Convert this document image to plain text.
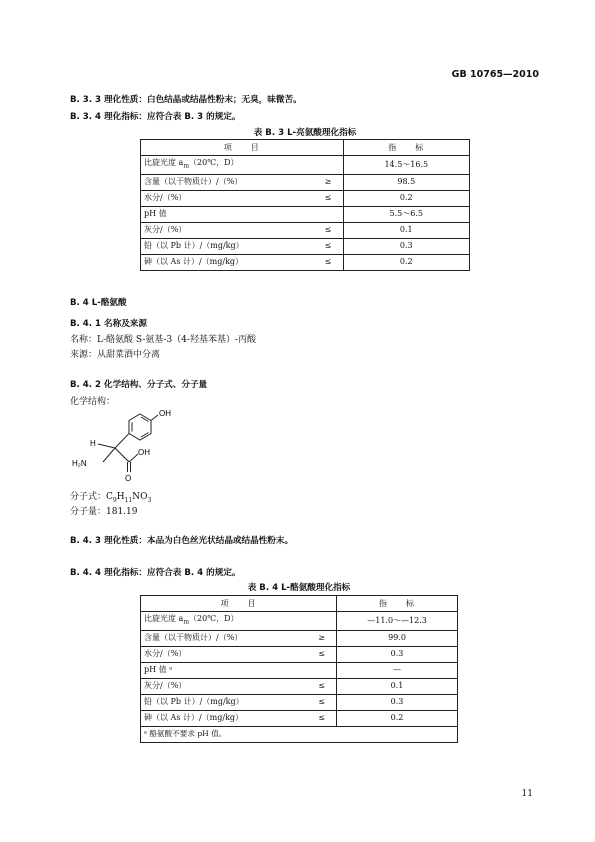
GB 10765—2010
B. 3. 3 理化性质：白色结晶或结晶性粉末；无臭，味微苦。
B. 3. 4 理化指标：应符合表 B. 3 的规定。
表 B. 3 L-亮氨酸理化指标
项　　目		指　　标
比旋光度 $a_m(20℃$，D）		14.5～16.5
含量（以干物质计）/（%）	≥	98.5
水分/（%）	≤	0.2
pH 值		5.5～6.5
灰分/（%）	≤	0.1
铅（以 Pb 计）/（mg/kg）	≤	0.3
砷（以 As 计）/（mg/kg）	≤	0.2
B. 4 L-酪氨酸
B. 4. 1 名称及来源
名称：L-酪氨酸 S-氨基-3（4-羟基苯基）-丙酸
来源：从甜菜酒中分离
B. 4. 2 化学结构、分子式、分子量
化学结构：
OH
H
H₂N
OH
O
分子式：$C_9H_{11}NO_3$
分子量：181.19
B. 4. 3 理化性质：本品为白色丝光状结晶或结晶性粉末。
B. 4. 4 理化指标：应符合表 B. 4 的规定。
表 B. 4 L-酪氨酸理化指标
项　　目		指　　标
比旋光度 $a_m(20℃$，D）		—11.0～—12.3
含量（以干物质计）/（%）	≥	99.0
水分/（%）	≤	0.3
pH 值 ᵃ		—
灰分/（%）	≤	0.1
铅（以 Pb 计）/（mg/kg）	≤	0.3
砷（以 As 计）/（mg/kg）	≤	0.2
ᵃ 酪氨酸不要求 pH 值。		
11
